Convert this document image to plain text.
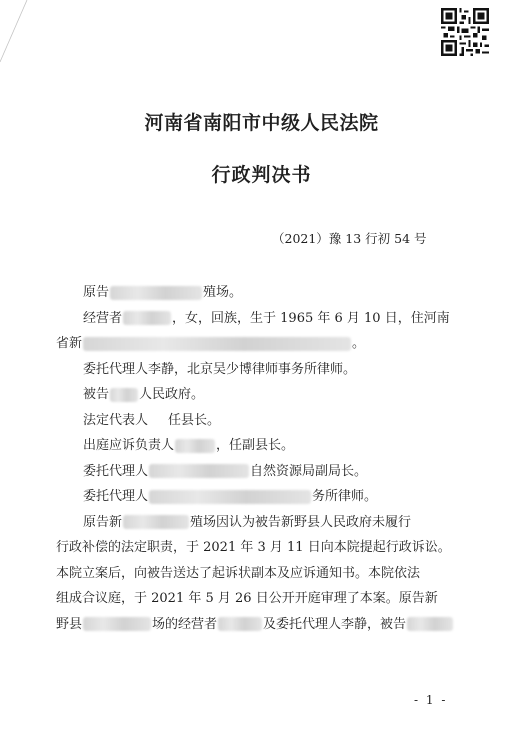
河南省南阳市中级人民法院
行政判决书
（2021）豫 13 行初 54 号
原告	殖场。
经营者	，女，回族，生于 1965 年 6 月 10 日，住河南
省新	。
委托代理人李静，北京吴少博律师事务所律师。
被告 人民政府。
法定代表人 任县长。
出庭应诉负责人	，任副县长。
委托代理人	自然资源局副局长。
委托代理人	务所律师。
原告新	殖场因认为被告新野县人民政府未履行
行政补偿的法定职责，于 2021 年 3 月 11 日向本院提起行政诉讼。
本院立案后，向被告送达了起诉状副本及应诉通知书。本院依法
组成合议庭，于 2021 年 5 月 26 日公开开庭审理了本案。原告新
野县	场的经营者	及委托代理人李静，被告
- 1 -
